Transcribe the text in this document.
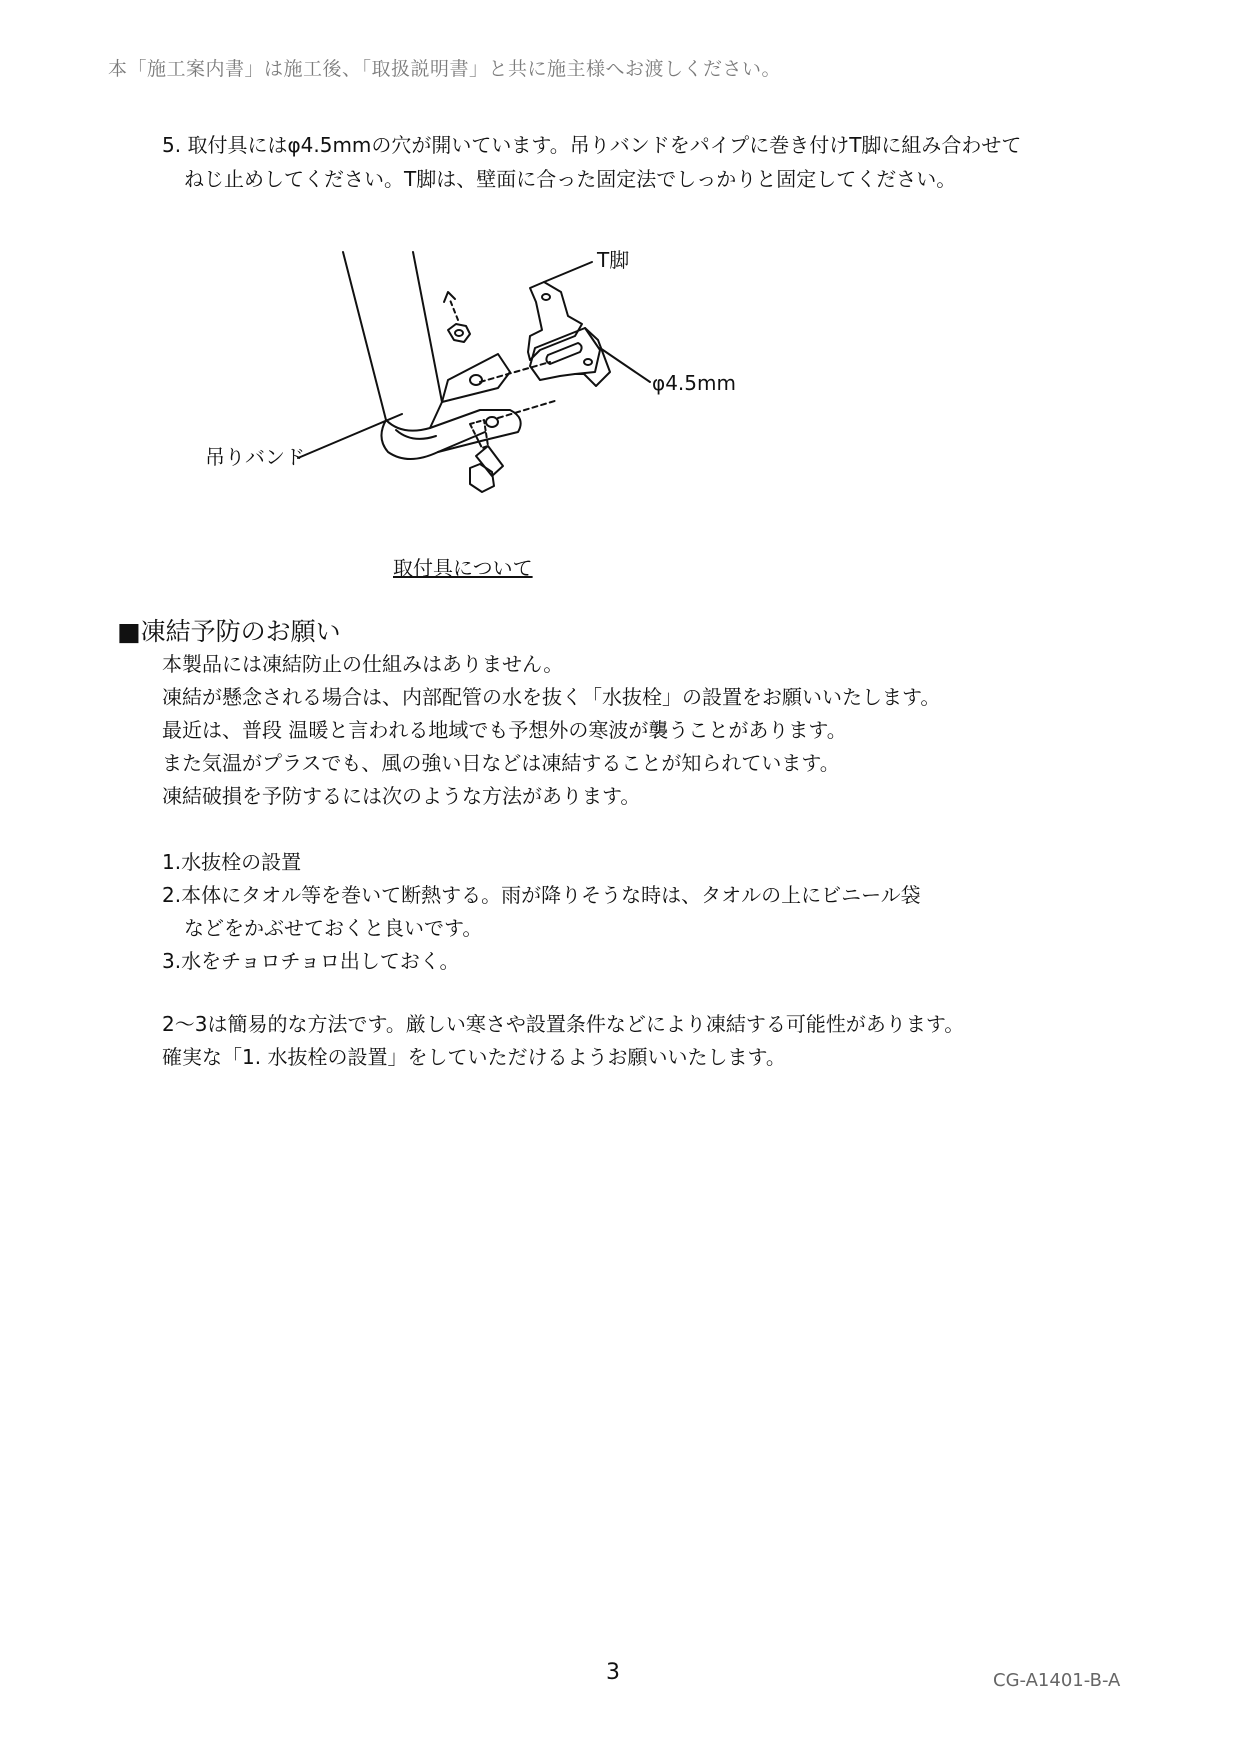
本「施工案内書」は施工後、「取扱説明書」と共に施主様へお渡しください。
5. 取付具にはφ4.5mmの穴が開いています。吊りバンドをパイプに巻き付けT脚に組み合わせて
ねじ止めしてください。T脚は、壁面に合った固定法でしっかりと固定してください。
T脚
φ4.5mm
吊りバンド
取付具について
■凍結予防のお願い
本製品には凍結防止の仕組みはありません。
凍結が懸念される場合は、内部配管の水を抜く「水抜栓」の設置をお願いいたします。
最近は、普段 温暖と言われる地域でも予想外の寒波が襲うことがあります。
また気温がプラスでも、風の強い日などは凍結することが知られています。
凍結破損を予防するには次のような方法があります。
1.水抜栓の設置
2.本体にタオル等を巻いて断熱する。雨が降りそうな時は、タオルの上にビニール袋
などをかぶせておくと良いです。
3.水をチョロチョロ出しておく。
2～3は簡易的な方法です。厳しい寒さや設置条件などにより凍結する可能性があります。
確実な「1. 水抜栓の設置」をしていただけるようお願いいたします。
3	CG-A1401-B-A
